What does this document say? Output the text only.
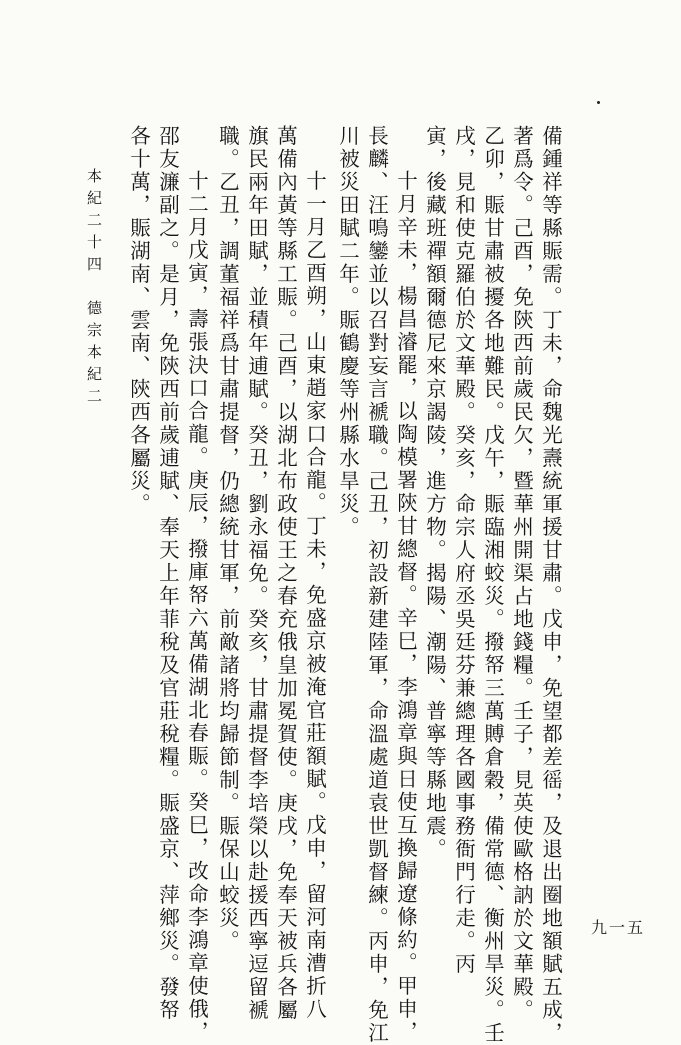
本紀二十四　德宗本紀二
九一五
備鍾祥等縣賑需。丁未，命魏光燾統軍援甘肅。戊申，免望都差徭，及退出圈地額賦五成，
著爲令。己酉，免陝西前歲民欠，暨華州開渠占地錢糧。壬子，見英使歐格訥於文華殿。
乙卯，賑甘肅被擾各地難民。戊午，賑臨湘蛟災。撥帑三萬賻倉穀，備常德、衡州旱災。壬
戌，見和使克羅伯於文華殿。癸亥，命宗人府丞吳廷芬兼總理各國事務衙門行走。丙
寅，後藏班禪額爾德尼來京謁陵，進方物。揭陽、潮陽、普寧等縣地震。
十月辛未，楊昌濬罷，以陶模署陝甘總督。辛巳，李鴻章與日使互換歸遼條約。甲申，
長麟、汪鳴鑾並以召對妄言褫職。己丑，初設新建陸軍，命溫處道袁世凱督練。丙申，免江
川被災田賦二年。賑鶴慶等州縣水旱災。
十一月乙酉朔，山東趙家口合龍。丁未，免盛京被淹官莊額賦。戊申，留河南漕折八
萬備內黃等縣工賑。己酉，以湖北布政使王之春充俄皇加冕賀使。庚戌，免奉天被兵各屬
旗民兩年田賦，並積年逋賦。癸丑，劉永福免。癸亥，甘肅提督李培榮以赴援西寧逗留褫
職。乙丑，調董福祥爲甘肅提督，仍總統甘軍，前敵諸將均歸節制。賑保山蛟災。
十二月戊寅，壽張決口合龍。庚辰，撥庫帑六萬備湖北春賑。癸巳，改命李鴻章使俄，
邵友濂副之。是月，免陝西前歲逋賦、奉天上年菲稅及官莊稅糧。賑盛京、萍鄉災。發帑
各十萬，賑湖南、雲南、陝西各屬災。
